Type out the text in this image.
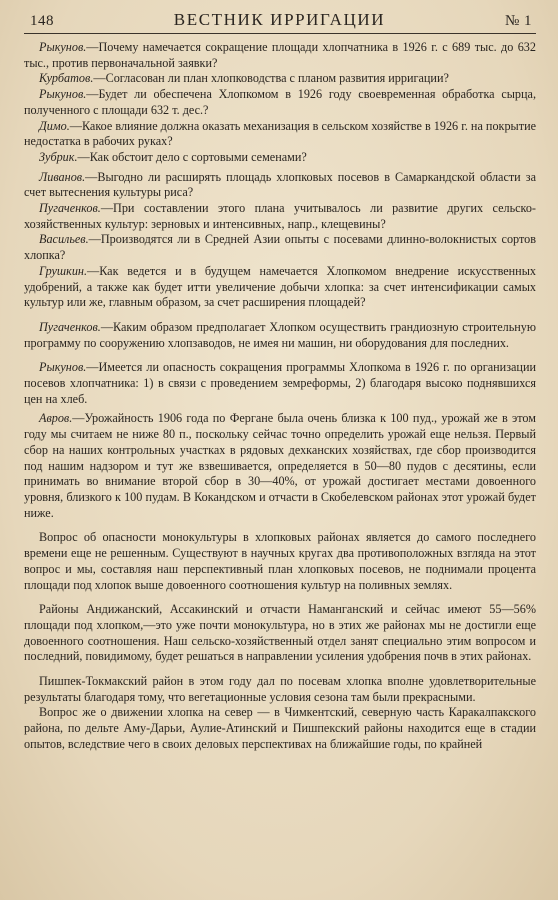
148	ВЕСТНИК ИРРИГАЦИИ	№ 1

Рыкунов.—Почему намечается сокращение площади хлопчатника в 1926 г. с 689 тыс. до 632 тыс., против первоначальной заявки?

Курбатов.—Согласован ли план хлопководства с планом развития ирригации?

Рыкунов.—Будет ли обеспечена Хлопкомом в 1926 году своевременная обработка сырца, полученного с площади 632 т. дес.?

Димо.—Какое влияние должна оказать механизация в сельском хозяйстве в 1926 г. на покрытие недостатка в рабочих руках?

Зубрик.—Как обстоит дело с сортовыми семенами?

Ливанов.—Выгодно ли расширять площадь хлопковых посевов в Самаркандской области за счет вытеснения культуры риса?

Пугаченков.—При составлении этого плана учитывалось ли развитие других сельско-хозяйственных культур: зерновых и интенсивных, напр., клещевины?

Васильев.—Производятся ли в Средней Азии опыты с посевами длинно-волокнистых сортов хлопка?

Грушкин.—Как ведется и в будущем намечается Хлопкомом внедрение искусственных удобрений, а также как будет итти увеличение добычи хлопка: за счет интенсификации самых культур или же, главным образом, за счет расширения площадей?

Пугаченков.—Каким образом предполагает Хлопком осуществить грандиозную строительную программу по сооружению хлопзаводов, не имея ни машин, ни оборудования для последних.

Рыкунов.—Имеется ли опасность сокращения программы Хлопкома в 1926 г. по организации посевов хлопчатника: 1) в связи с проведением земреформы, 2) благодаря высоко поднявшихся цен на хлеб.

Авров.—Урожайность 1906 года по Фергане была очень близка к 100 пуд., урожай же в этом году мы считаем не ниже 80 п., поскольку сейчас точно определить урожай еще нельзя. Первый сбор на наших контрольных участках в рядовых дехканских хозяйствах, где сбор производится под нашим надзором и тут же взвешивается, определяется в 50—80 пудов с десятины, если принимать во внимание второй сбор в 30—40%, от урожай достигает местами довоенного уровня, близкого к 100 пудам. В Кокандском и отчасти в Скобелевском районах этот урожай будет ниже.

Вопрос об опасности монокультуры в хлопковых районах является до самого последнего времени еще не решенным. Существуют в научных кругах два противоположных взгляда на этот вопрос и мы, составляя наш перспективный план хлопковых посевов, не поднимали процента площади под хлопок выше довоенного соотношения культур на поливных землях.

Районы Андижанский, Ассакинский и отчасти Наманганский и сейчас имеют 55—56% площади под хлопком,—это уже почти монокультура, но в этих же районах мы не достигли еще довоенного соотношения. Наш сельско-хозяйственный отдел занят специально этим вопросом и последний, повидимому, будет решаться в направлении усиления удобрения почв в этих районах.

Пишпек-Токмакский район в этом году дал по посевам хлопка вполне удовлетворительные результаты благодаря тому, что вегетационные условия сезона там были прекрасными.

Вопрос же о движении хлопка на север — в Чимкентский, северную часть Каракалпакского района, по дельте Аму-Дарьи, Аулие-Атинский и Пишпекский районы находится еще в стадии опытов, вследствие чего в своих деловых перспективах на ближайшие годы, по крайней
